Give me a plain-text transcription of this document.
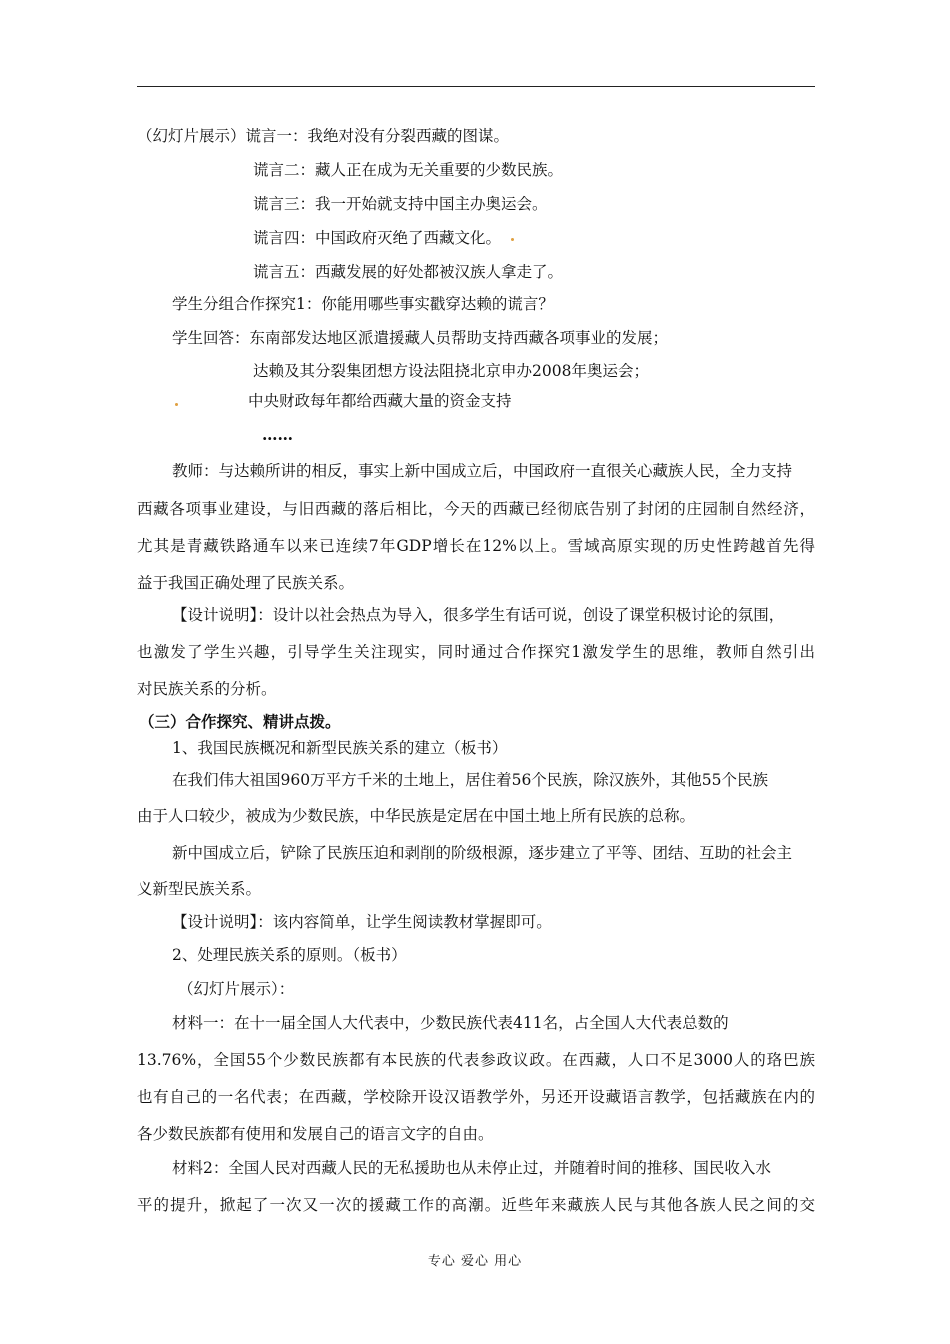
（幻灯片展示）谎言一：我绝对没有分裂西藏的图谋。
谎言二：藏人正在成为无关重要的少数民族。
谎言三：我一开始就支持中国主办奥运会。
谎言四：中国政府灭绝了西藏文化。
谎言五：西藏发展的好处都被汉族人拿走了。
学生分组合作探究1：你能用哪些事实戳穿达赖的谎言？
学生回答：东南部发达地区派遣援藏人员帮助支持西藏各项事业的发展；
达赖及其分裂集团想方设法阻挠北京申办2008年奥运会；
中央财政每年都给西藏大量的资金支持
……
教师：与达赖所讲的相反，事实上新中国成立后，中国政府一直很关心藏族人民，全力支持
西藏各项事业建设，与旧西藏的落后相比，今天的西藏已经彻底告别了封闭的庄园制自然经济，
尤其是青藏铁路通车以来已连续7年GDP增长在12%以上。雪域高原实现的历史性跨越首先得
益于我国正确处理了民族关系。
【设计说明】：设计以社会热点为导入，很多学生有话可说，创设了课堂积极讨论的氛围，
也激发了学生兴趣，引导学生关注现实，同时通过合作探究1激发学生的思维，教师自然引出
对民族关系的分析。
（三）合作探究、精讲点拨。
1、我国民族概况和新型民族关系的建立（板书）
在我们伟大祖国960万平方千米的土地上，居住着56个民族，除汉族外，其他55个民族
由于人口较少，被成为少数民族，中华民族是定居在中国土地上所有民族的总称。
新中国成立后，铲除了民族压迫和剥削的阶级根源，逐步建立了平等、团结、互助的社会主
义新型民族关系。
【设计说明】：该内容简单，让学生阅读教材掌握即可。
2、处理民族关系的原则。（板书）
（幻灯片展示）：
材料一：在十一届全国人大代表中，少数民族代表411名，占全国人大代表总数的
13.76%，全国55个少数民族都有本民族的代表参政议政。在西藏，人口不足3000人的珞巴族
也有自己的一名代表；在西藏，学校除开设汉语教学外，另还开设藏语言教学，包括藏族在内的
各少数民族都有使用和发展自己的语言文字的自由。
材料2：全国人民对西藏人民的无私援助也从未停止过，并随着时间的推移、国民收入水
平的提升，掀起了一次又一次的援藏工作的高潮。近些年来藏族人民与其他各族人民之间的交
专心 爱心 用心
